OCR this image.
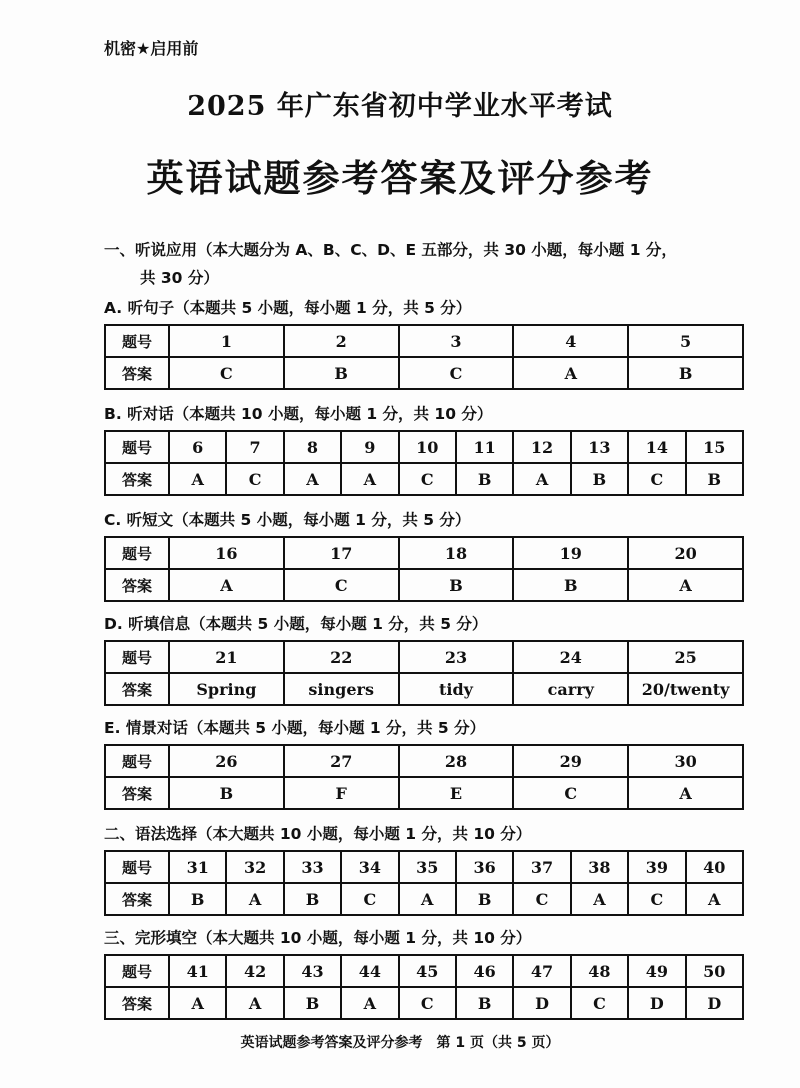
机密★启用前
2025 年广东省初中学业水平考试
英语试题参考答案及评分参考
一、听说应用（本大题分为 A、B、C、D、E 五部分，共 30 小题，每小题 1 分，
共 30 分）
A. 听句子（本题共 5 小题，每小题 1 分，共 5 分）
题号	1	2	3	4	5
答案	C	B	C	A	B
B. 听对话（本题共 10 小题，每小题 1 分，共 10 分）
题号	6	7	8	9	10	11	12	13	14	15
答案	A	C	A	A	C	B	A	B	C	B
C. 听短文（本题共 5 小题，每小题 1 分，共 5 分）
题号	16	17	18	19	20
答案	A	C	B	B	A
D. 听填信息（本题共 5 小题，每小题 1 分，共 5 分）
题号	21	22	23	24	25
答案	Spring	singers	tidy	carry	20/twenty
E. 情景对话（本题共 5 小题，每小题 1 分，共 5 分）
题号	26	27	28	29	30
答案	B	F	E	C	A
二、语法选择（本大题共 10 小题，每小题 1 分，共 10 分）
题号	31	32	33	34	35	36	37	38	39	40
答案	B	A	B	C	A	B	C	A	C	A
三、完形填空（本大题共 10 小题，每小题 1 分，共 10 分）
题号	41	42	43	44	45	46	47	48	49	50
答案	A	A	B	A	C	B	D	C	D	D
英语试题参考答案及评分参考　第 1 页（共 5 页）
